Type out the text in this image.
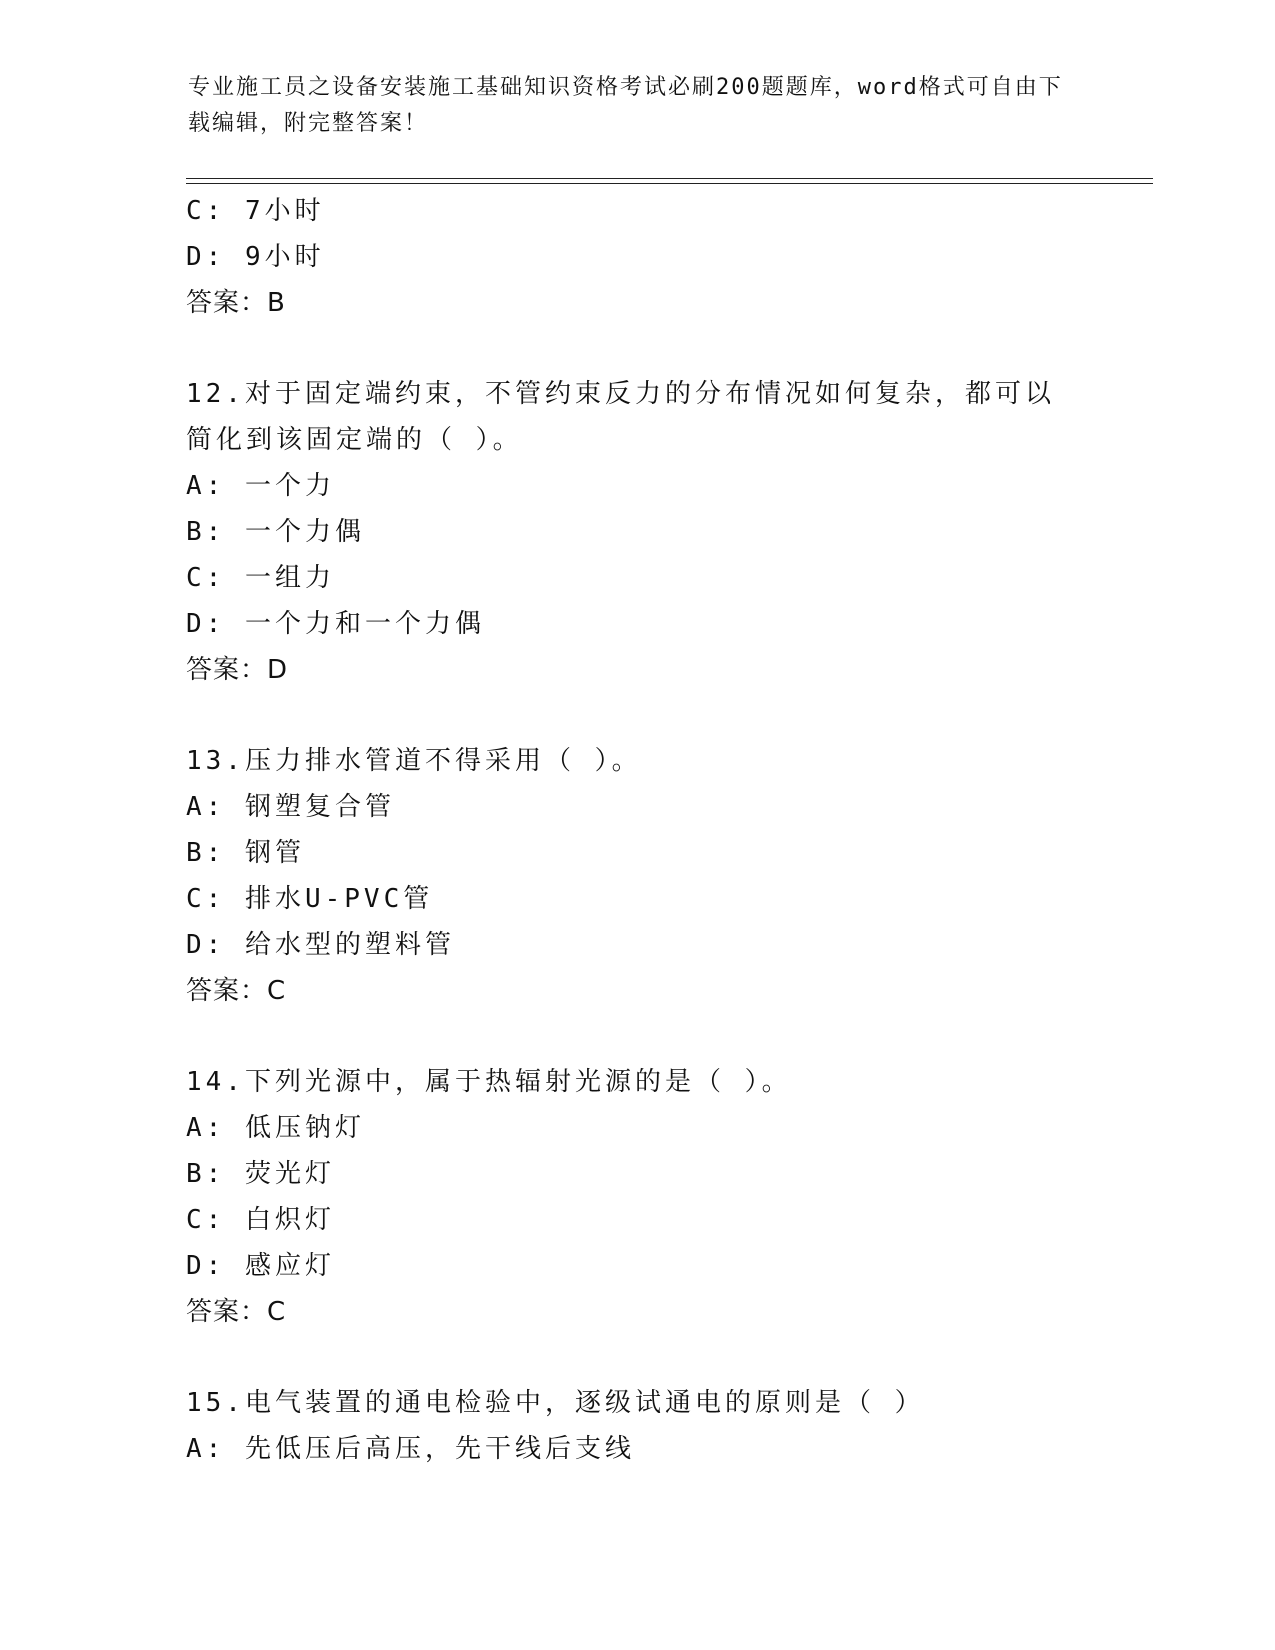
专业施工员之设备安装施工基础知识资格考试必刷200题题库，word格式可自由下载编辑，附完整答案！
C: 7小时
D: 9小时
答案：B
12.对于固定端约束，不管约束反力的分布情况如何复杂，都可以简化到该固定端的（ ）。
A: 一个力
B: 一个力偶
C: 一组力
D: 一个力和一个力偶
答案：D
13.压力排水管道不得采用（ ）。
A: 钢塑复合管
B: 钢管
C: 排水U-PVC管
D: 给水型的塑料管
答案：C
14.下列光源中，属于热辐射光源的是（ ）。
A: 低压钠灯
B: 荧光灯
C: 白炽灯
D: 感应灯
答案：C
15.电气装置的通电检验中，逐级试通电的原则是（ ）
A: 先低压后高压，先干线后支线
